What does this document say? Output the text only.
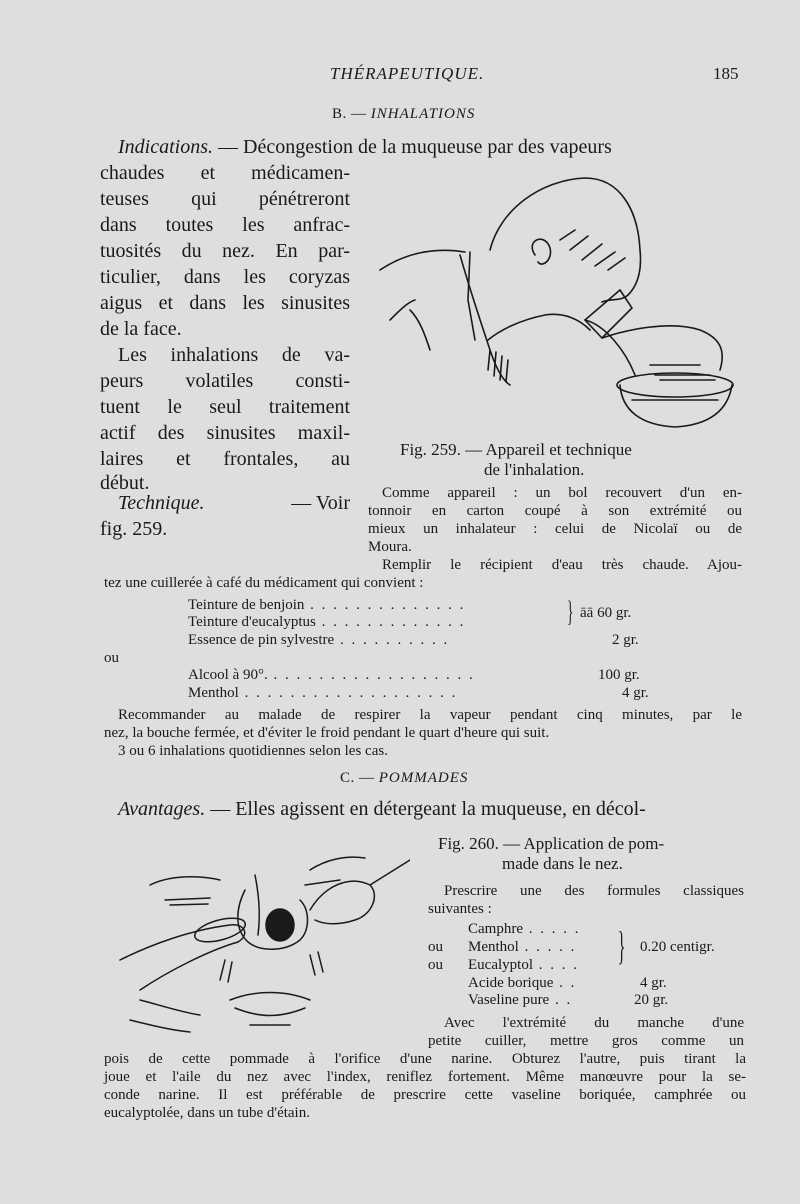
THÉRAPEUTIQUE.	185
B. — INHALATIONS
Indications. — Décongestion de la muqueuse par des vapeurs
chaudes et médicamen-
teuses qui pénétreront
dans toutes les anfrac-
tuosités du nez. En par-
ticulier, dans les coryzas
aigus et dans les sinusites
de la face.
Les inhalations de va-
peurs volatiles consti-
tuent le seul traitement
actif des sinusites maxil-
laires et frontales, au
début.
Technique.	— Voir
fig. 259.
Fig. 259. — Appareil et technique
de l'inhalation.
Comme appareil : un bol recouvert d'un en-
tonnoir en carton coupé à son extrémité ou
mieux un inhalateur : celui de Nicolaï ou de
Moura.
Remplir le récipient d'eau très chaude. Ajou-
tez une cuillerée à café du médicament qui convient :
Teinture de benjoin . . . . . . . . . . . . . .
Teinture d'eucalyptus . . . . . . . . . . . . .	} āā 60 gr.
Essence de pin sylvestre . . . . . . . . . .	2 gr.
ou
Alcool à 90°. . . . . . . . . . . . . . . . . . .	100 gr.
Menthol . . . . . . . . . . . . . . . . . . .	4 gr.
Recommander au malade de respirer la vapeur pendant cinq minutes, par le
nez, la bouche fermée, et d'éviter le froid pendant le quart d'heure qui suit.
3 ou 6 inhalations quotidiennes selon les cas.
C. — POMMADES
Avantages. — Elles agissent en détergeant la muqueuse, en décol-
Fig. 260. — Application de pom-
made dans le nez.
Prescrire une des formules classiques
suivantes :
Camphre . . . . .
ou Menthol . . . . .
ou Eucalyptol . . . . } 0.20 centigr.
Acide borique . .	4 gr.
Vaseline pure . .	20 gr.
Avec l'extrémité du manche d'une
petite cuiller, mettre gros comme un
pois de cette pommade à l'orifice d'une narine. Obturez l'autre, puis tirant la
joue et l'aile du nez avec l'index, reniflez fortement. Même manœuvre pour la se-
conde narine. Il est préférable de prescrire cette vaseline boriquée, camphrée ou
eucalyptolée, dans un tube d'étain.
